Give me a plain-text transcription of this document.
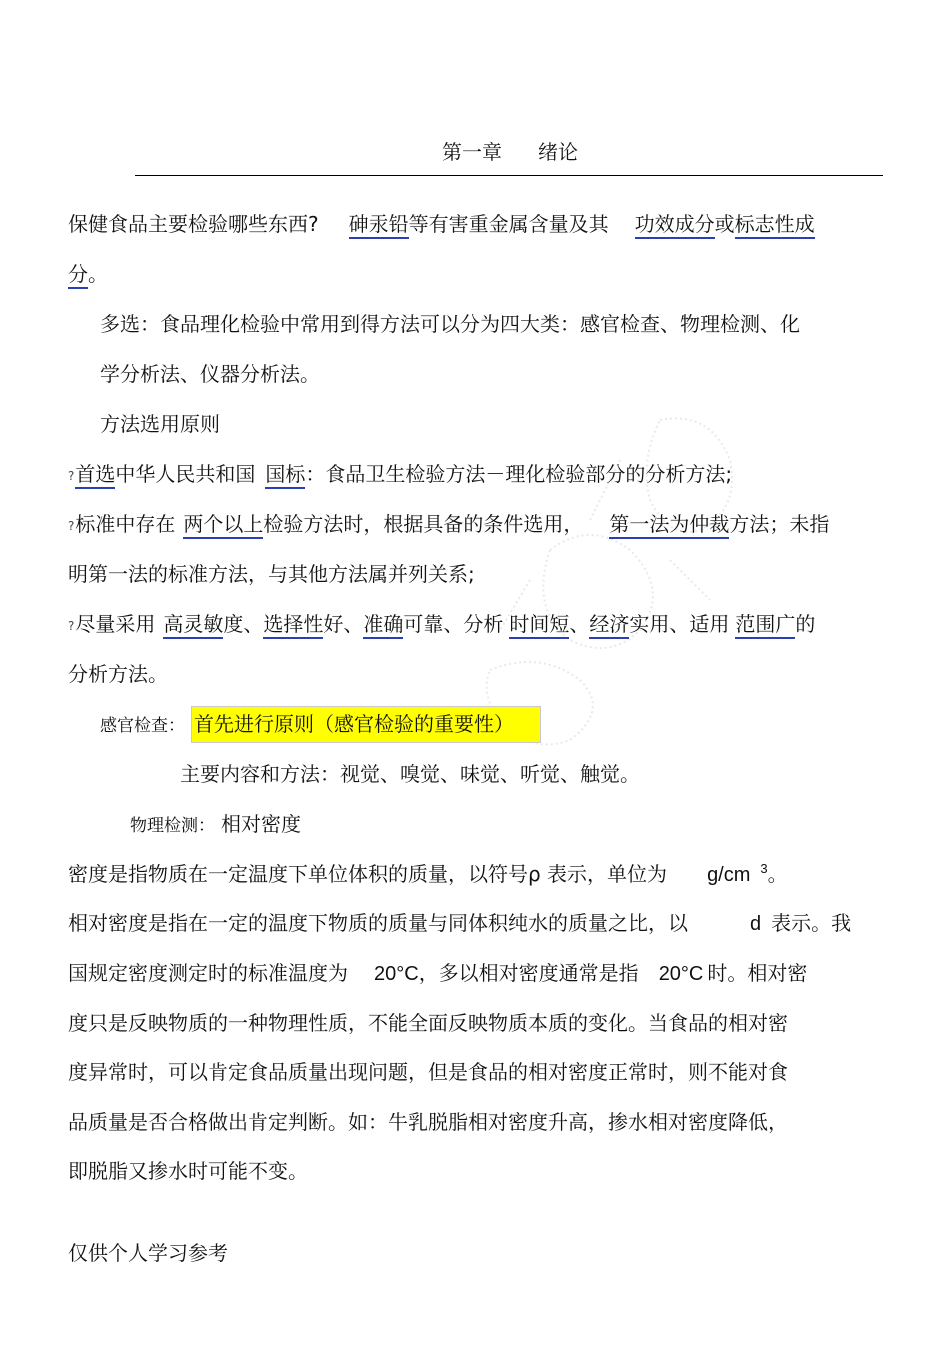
第一章 绪论
保健食品主要检验哪些东西? 砷汞铅等有害重金属含量及其 功效成分或标志性成
分。
多选：食品理化检验中常用到得方法可以分为四大类：感官检查、物理检测、化
学分析法、仪器分析法。
方法选用原则
?首选中华人民共和国 国标：食品卫生检验方法－理化检验部分的分析方法;
?标准中存在 两个以上检验方法时，根据具备的条件选用， 第一法为仲裁方法；未指
明第一法的标准方法，与其他方法属并列关系;
?尽量采用 高灵敏度、选择性好、准确可靠、分析 时间短、经济实用、适用 范围广的
分析方法。
感官检查： 首先进行原则（感官检验的重要性）
主要内容和方法：视觉、嗅觉、味觉、听觉、触觉。
物理检测： 相对密度
密度是指物质在一定温度下单位体积的质量，以符号ρ 表示，单位为 g/cm $^3$。
相对密度是指在一定的温度下物质的质量与同体积纯水的质量之比，以	d 表示。我
国规定密度测定时的标准温度为 20°C，多以相对密度通常是指 20°C 时。相对密
度只是反映物质的一种物理性质，不能全面反映物质本质的变化。当食品的相对密
度异常时，可以肯定食品质量出现问题，但是食品的相对密度正常时，则不能对食
品质量是否合格做出肯定判断。如：牛乳脱脂相对密度升高，掺水相对密度降低，
即脱脂又掺水时可能不变。
仅供个人学习参考
